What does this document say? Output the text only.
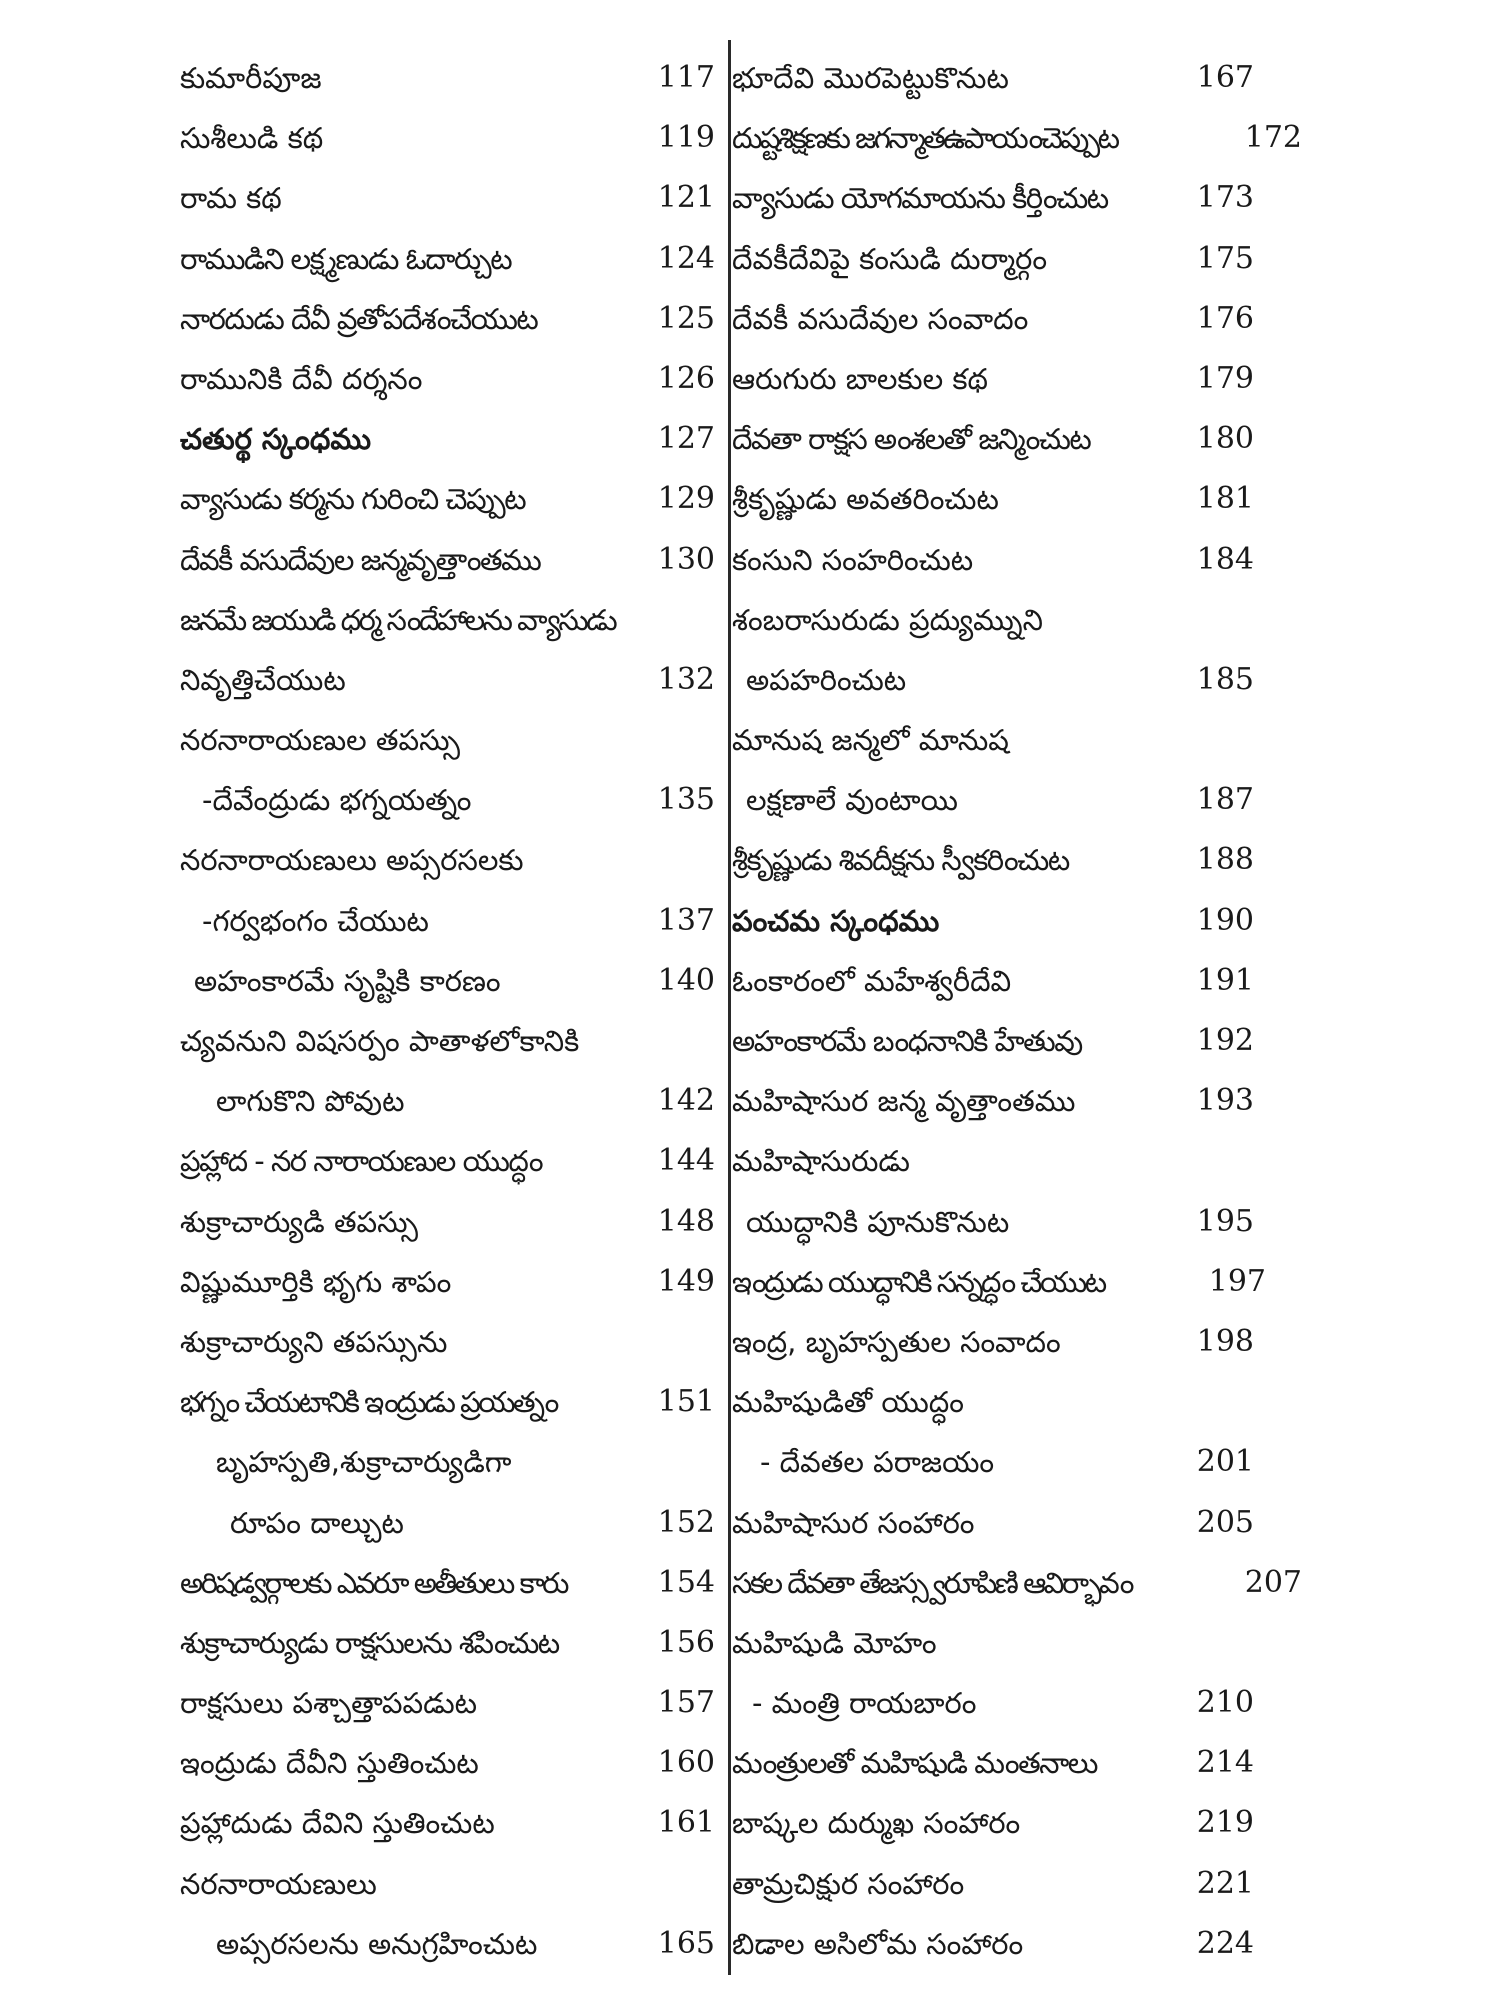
కుమారీపూజ	117
సుశీలుడి కథ	119
రామ కథ	121
రాముడిని లక్ష్మణుడు ఓదార్చుట	124
నారదుడు దేవీ వ్రతోపదేశంచేయుట	125
రామునికి దేవీ దర్శనం	126
చతుర్థ స్కంధము	127
వ్యాసుడు కర్మను గురించి చెప్పుట	129
దేవకీ వసుదేవుల జన్మవృత్తాంతము	130
జనమే జయుడి ధర్మ సందేహాలను వ్యాసుడు
నివృత్తిచేయుట	132
నరనారాయణుల తపస్సు
-దేవేంద్రుడు భగ్నయత్నం	135
నరనారాయణులు అప్సరసలకు
-గర్వభంగం చేయుట	137
అహంకారమే సృష్టికి కారణం	140
చ్యవనుని విషసర్పం పాతాళలోకానికి
లాగుకొని పోవుట	142
ప్రహ్లాద - నర నారాయణుల యుద్ధం	144
శుక్రాచార్యుడి తపస్సు	148
విష్ణుమూర్తికి భృగు శాపం	149
శుక్రాచార్యుని తపస్సును
భగ్నం చేయటానికి ఇంద్రుడు ప్రయత్నం	151
బృహస్పతి,శుక్రాచార్యుడిగా
రూపం దాల్చుట	152
అరిషడ్వర్గాలకు ఎవరూ అతీతులు కారు	154
శుక్రాచార్యుడు రాక్షసులను శపించుట	156
రాక్షసులు పశ్చాత్తాపపడుట	157
ఇంద్రుడు దేవీని స్తుతించుట	160
ప్రహ్లాదుడు దేవిని స్తుతించుట	161
నరనారాయణులు
అప్సరసలను అనుగ్రహించుట	165
భూదేవి మొరపెట్టుకొనుట	167
దుష్టశిక్షణకు జగన్మాతఉపాయంచెప్పుట	172
వ్యాసుడు యోగమాయను కీర్తించుట	173
దేవకీదేవిపై కంసుడి దుర్మార్గం	175
దేవకీ వసుదేవుల సంవాదం	176
ఆరుగురు బాలకుల కథ	179
దేవతా రాక్షస అంశలతో జన్మించుట	180
శ్రీకృష్ణుడు అవతరించుట	181
కంసుని సంహరించుట	184
శంబరాసురుడు ప్రద్యుమ్నుని
అపహరించుట	185
మానుష జన్మలో మానుష
లక్షణాలే వుంటాయి	187
శ్రీకృష్ణుడు శివదీక్షను స్వీకరించుట	188
పంచమ స్కంధము	190
ఓంకారంలో మహేశ్వరీదేవి	191
అహంకారమే బంధనానికి హేతువు	192
మహిషాసుర జన్మ వృత్తాంతము	193
మహిషాసురుడు
యుద్ధానికి పూనుకొనుట	195
ఇంద్రుడు యుద్ధానికి సన్నద్ధం చేయుట	197
ఇంద్ర, బృహస్పతుల సంవాదం	198
మహిషుడితో యుద్ధం
- దేవతల పరాజయం	201
మహిషాసుర సంహారం	205
సకల దేవతా తేజస్స్వరూపిణి ఆవిర్భావం	207
మహిషుడి మోహం
- మంత్రి రాయబారం	210
మంత్రులతో మహిషుడి మంతనాలు	214
బాష్కల దుర్ముఖ సంహారం	219
తామ్రచిక్షుర సంహారం	221
బిడాల అసిలోమ సంహారం	224
